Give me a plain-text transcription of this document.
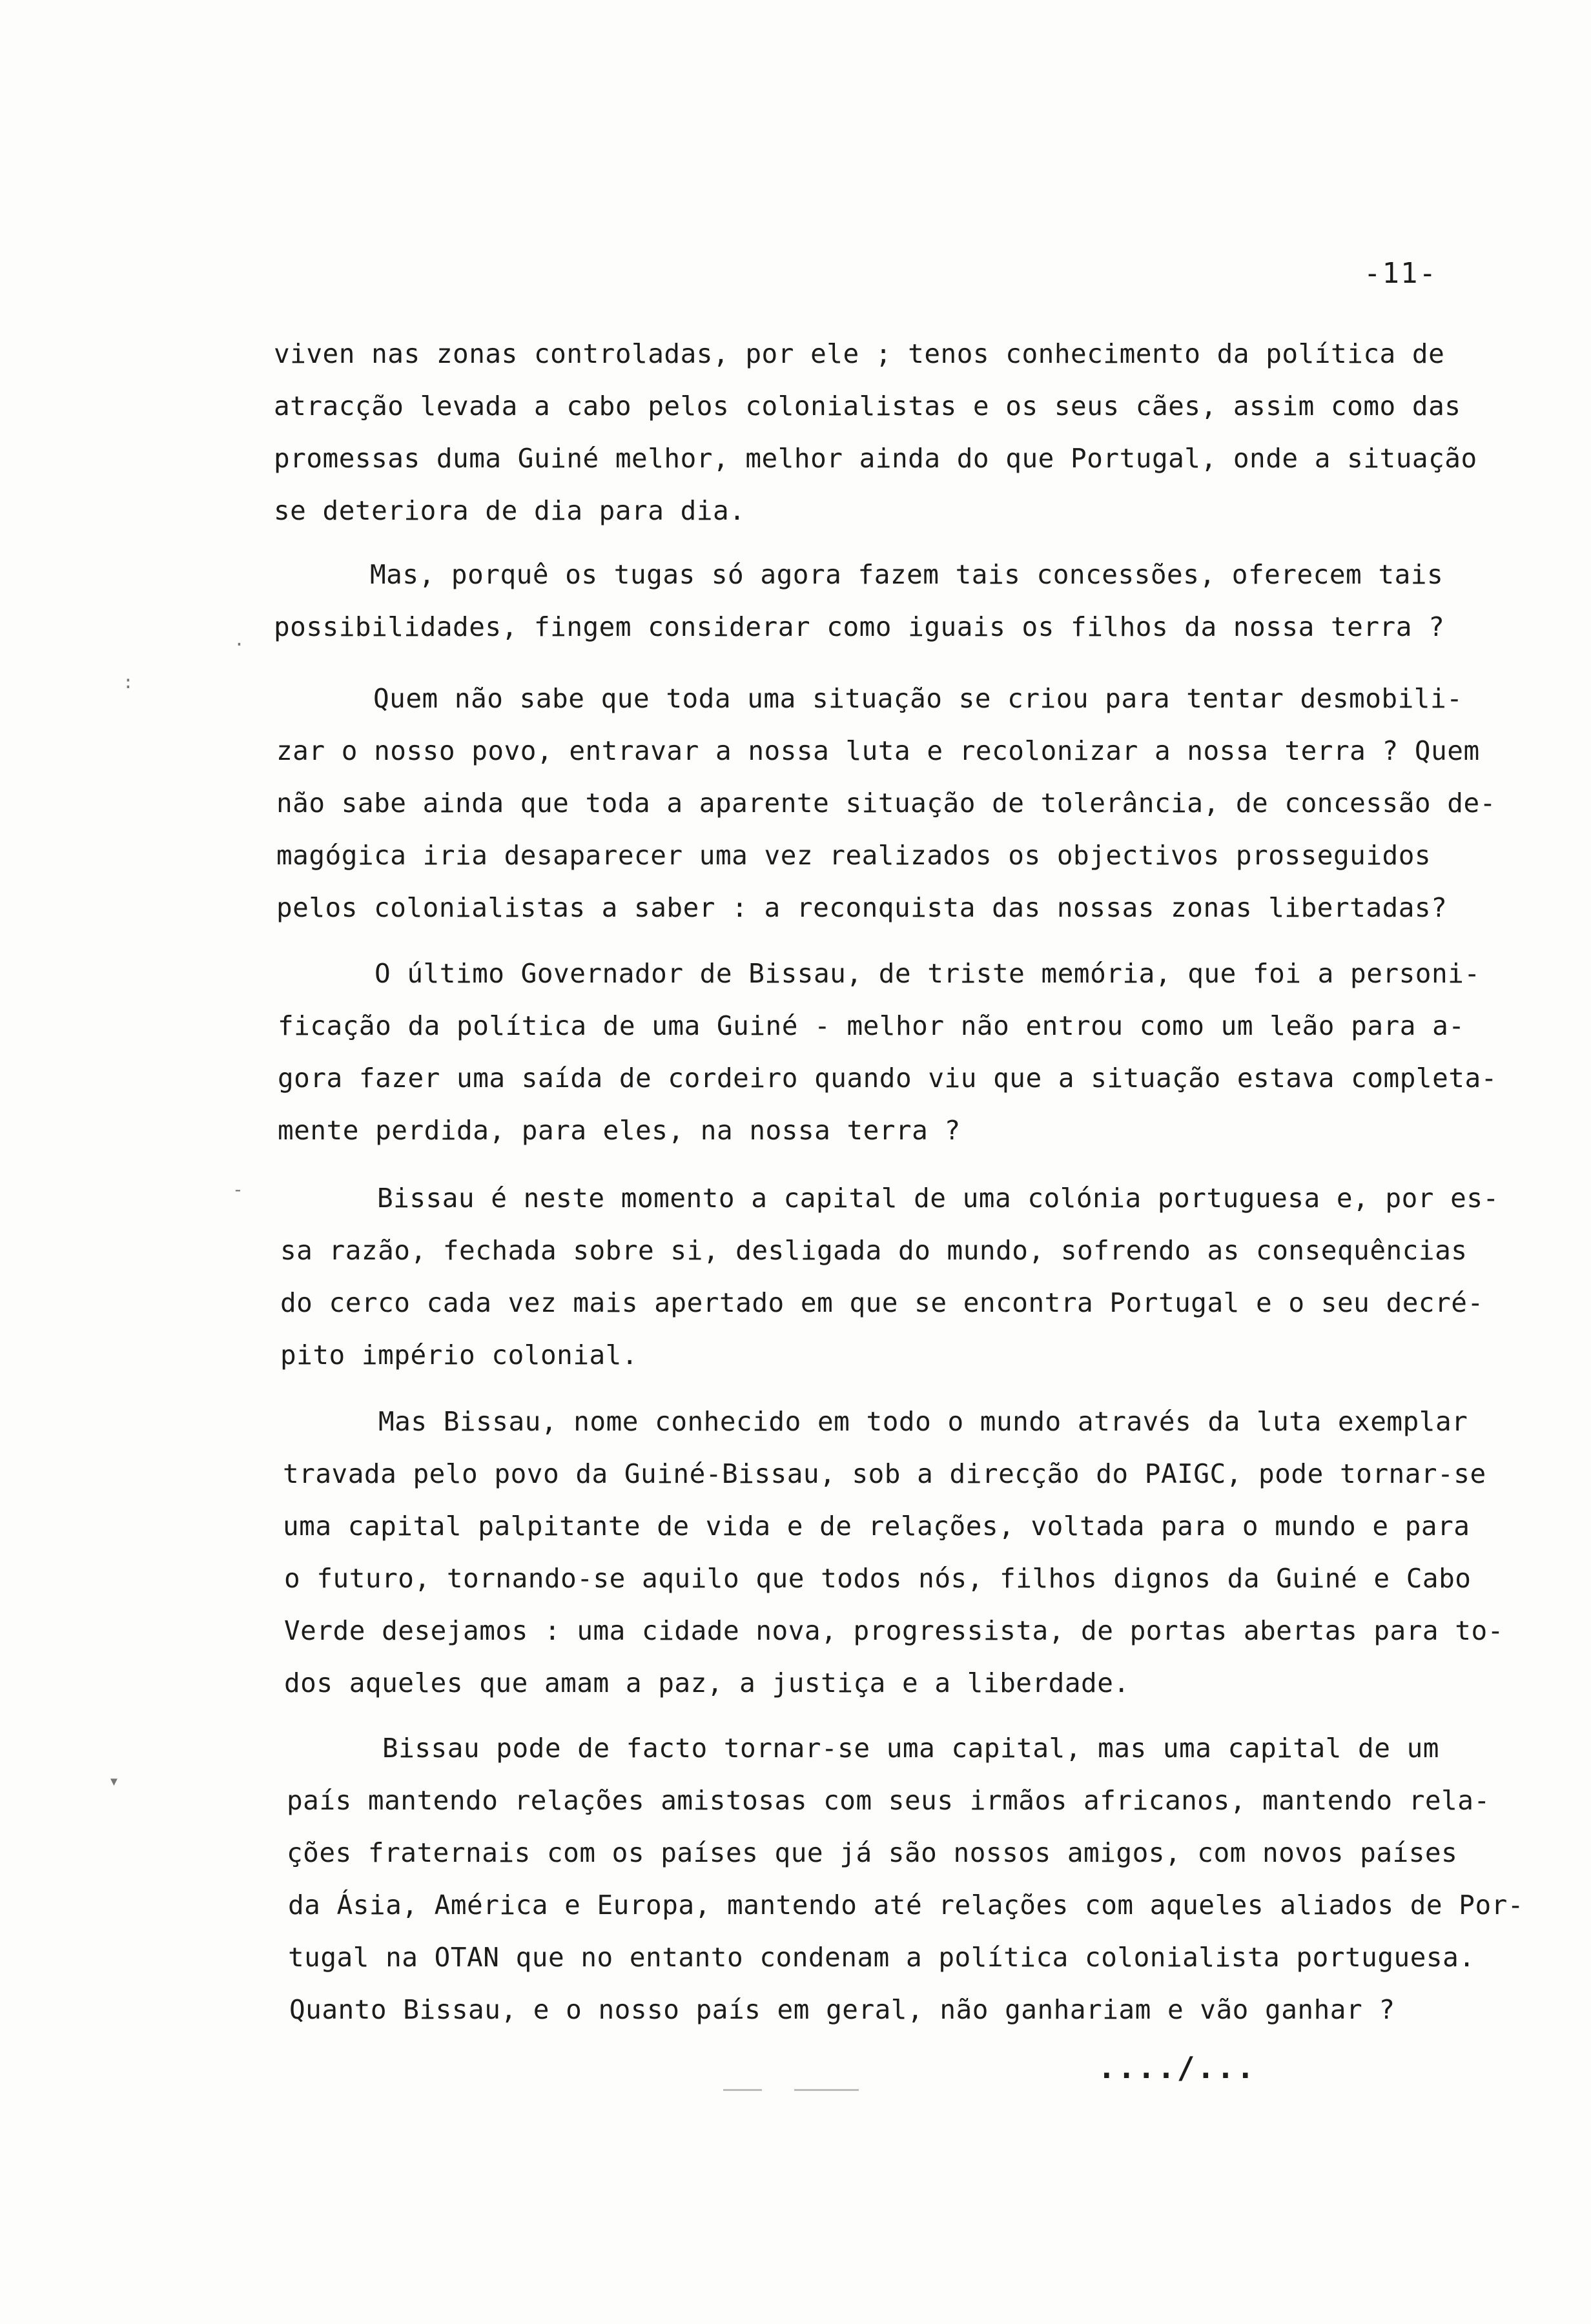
-11-
viven nas zonas controladas, por ele ; tenos conhecimento da política de
atracção levada a cabo pelos colonialistas e os seus cães, assim como das
promessas duma Guiné melhor, melhor ainda do que Portugal, onde a situação
se deteriora de dia para dia.
Mas, porquê os tugas só agora fazem tais concessões, oferecem tais
possibilidades, fingem considerar como iguais os filhos da nossa terra ?
Quem não sabe que toda uma situação se criou para tentar desmobili-
zar o nosso povo, entravar a nossa luta e recolonizar a nossa terra ? Quem
não sabe ainda que toda a aparente situação de tolerância, de concessão de-
magógica iria desaparecer uma vez realizados os objectivos prosseguidos
pelos colonialistas a saber : a reconquista das nossas zonas libertadas?
O último Governador de Bissau, de triste memória, que foi a personi-
ficação da política de uma Guiné - melhor não entrou como um leão para a-
gora fazer uma saída de cordeiro quando viu que a situação estava completa-
mente perdida, para eles, na nossa terra ?
Bissau é neste momento a capital de uma colónia portuguesa e, por es-
sa razão, fechada sobre si, desligada do mundo, sofrendo as consequências
do cerco cada vez mais apertado em que se encontra Portugal e o seu decré-
pito império colonial.
Mas Bissau, nome conhecido em todo o mundo através da luta exemplar
travada pelo povo da Guiné-Bissau, sob a direcção do PAIGC, pode tornar-se
uma capital palpitante de vida e de relações, voltada para o mundo e para
o futuro, tornando-se aquilo que todos nós, filhos dignos da Guiné e Cabo
Verde desejamos : uma cidade nova, progressista, de portas abertas para to-
dos aqueles que amam a paz, a justiça e a liberdade.
Bissau pode de facto tornar-se uma capital, mas uma capital de um
país mantendo relações amistosas com seus irmãos africanos, mantendo rela-
ções fraternais com os países que já são nossos amigos, com novos países
da Ásia, América e Europa, mantendo até relações com aqueles aliados de Por-
tugal na OTAN que no entanto condenam a política colonialista portuguesa.
Quanto Bissau, e o nosso país em geral, não ganhariam e vão ganhar ?
..../...
:
.
-
▾
